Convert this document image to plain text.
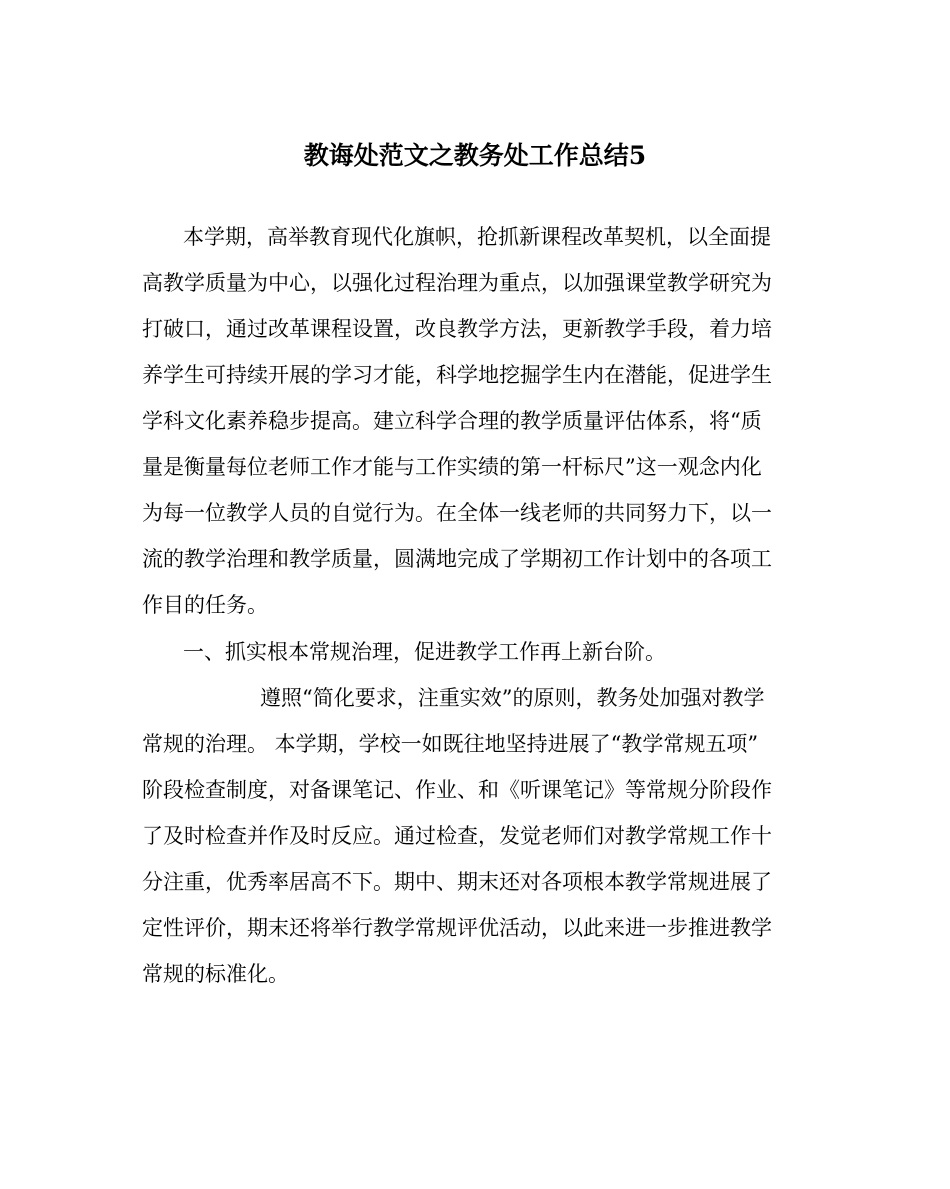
教诲处范文之教务处工作总结5
本学期，高举教育现代化旗帜，抢抓新课程改革契机，以全面提
高教学质量为中心，以强化过程治理为重点，以加强课堂教学研究为
打破口，通过改革课程设置，改良教学方法，更新教学手段，着力培
养学生可持续开展的学习才能，科学地挖掘学生内在潜能，促进学生
学科文化素养稳步提高。建立科学合理的教学质量评估体系，将“质
量是衡量每位老师工作才能与工作实绩的第一杆标尺”这一观念内化
为每一位教学人员的自觉行为。在全体一线老师的共同努力下，以一
流的教学治理和教学质量，圆满地完成了学期初工作计划中的各项工
作目的任务。
一、抓实根本常规治理，促进教学工作再上新台阶。
遵照“简化要求，注重实效”的原则，教务处加强对教学
常规的治理。 本学期，学校一如既往地坚持进展了“教学常规五项”
阶段检查制度，对备课笔记、作业、和《听课笔记》等常规分阶段作
了及时检查并作及时反应。通过检查，发觉老师们对教学常规工作十
分注重，优秀率居高不下。期中、期末还对各项根本教学常规进展了
定性评价，期末还将举行教学常规评优活动，以此来进一步推进教学
常规的标准化。
